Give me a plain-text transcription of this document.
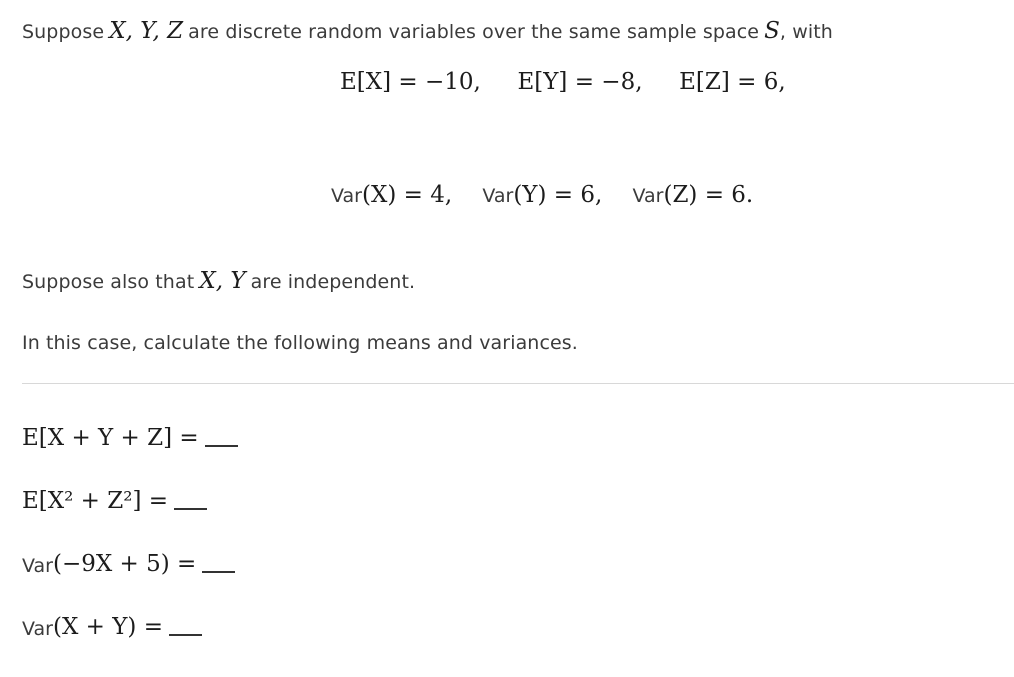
Suppose X, Y, Z are discrete random variables over the same sample space S, with
E[X] = −10, E[Y] = −8, E[Z] = 6,
Var(X) = 4, Var(Y) = 6, Var(Z) = 6.
Suppose also that X, Y are independent.
In this case, calculate the following means and variances.
E[X + Y + Z] =
E[X² + Z²] =
Var (−9X + 5) =
Var (X + Y) =
